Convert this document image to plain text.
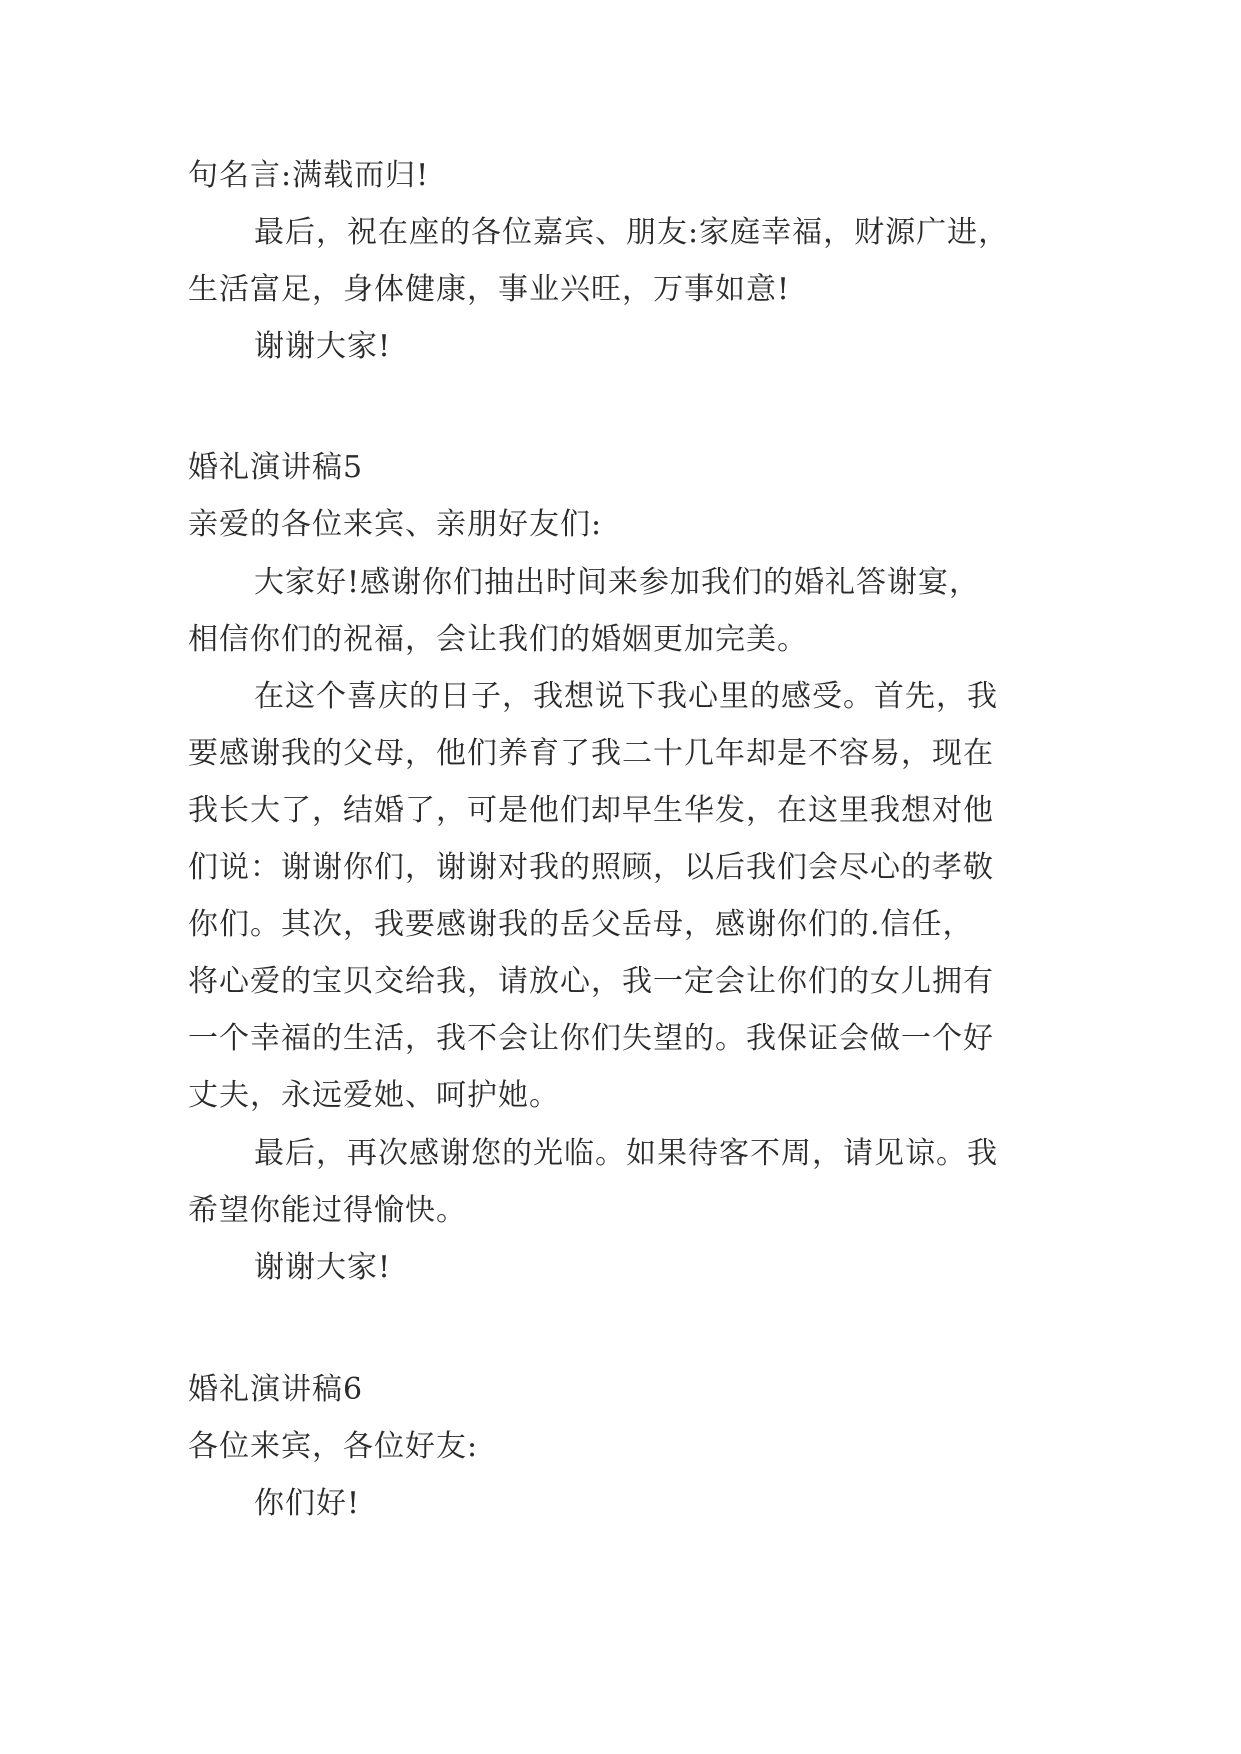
句名言:满载而归!
最后，祝在座的各位嘉宾、朋友:家庭幸福，财源广进，
生活富足，身体健康，事业兴旺，万事如意!
谢谢大家!
婚礼演讲稿5
亲爱的各位来宾、亲朋好友们:
大家好!感谢你们抽出时间来参加我们的婚礼答谢宴，
相信你们的祝福，会让我们的婚姻更加完美。
在这个喜庆的日子，我想说下我心里的感受。首先，我
要感谢我的父母，他们养育了我二十几年却是不容易，现在
我长大了，结婚了，可是他们却早生华发，在这里我想对他
们说：谢谢你们，谢谢对我的照顾，以后我们会尽心的孝敬
你们。其次，我要感谢我的岳父岳母，感谢你们的.信任，
将心爱的宝贝交给我，请放心，我一定会让你们的女儿拥有
一个幸福的生活，我不会让你们失望的。我保证会做一个好
丈夫，永远爱她、呵护她。
最后，再次感谢您的光临。如果待客不周，请见谅。我
希望你能过得愉快。
谢谢大家!
婚礼演讲稿6
各位来宾，各位好友:
你们好!
